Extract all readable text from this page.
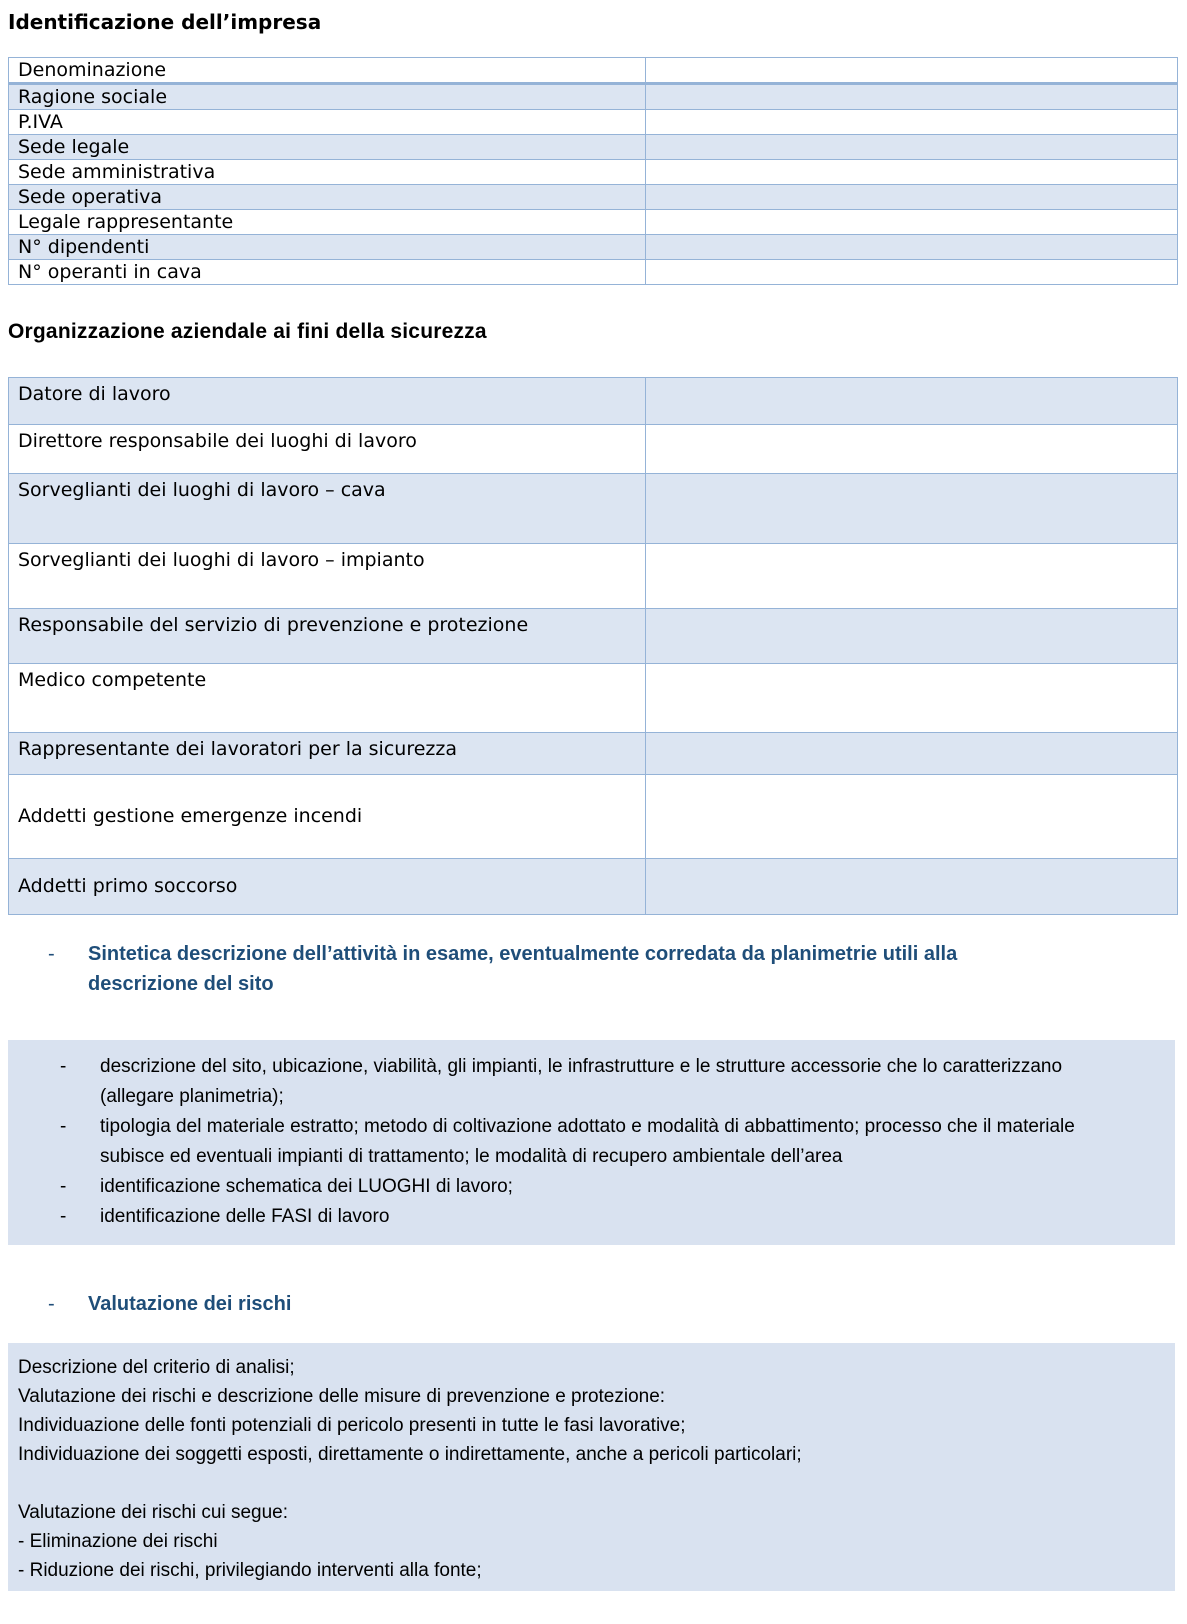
Identificazione dell’impresa
Denominazione	
Ragione sociale	
P.IVA	
Sede legale	
Sede amministrativa	
Sede operativa	
Legale rappresentante	
N° dipendenti	
N° operanti in cava	
Organizzazione aziendale ai fini della sicurezza
Datore di lavoro	
Direttore responsabile dei luoghi di lavoro	
Sorveglianti dei luoghi di lavoro – cava	
Sorveglianti dei luoghi di lavoro – impianto	
Responsabile del servizio di prevenzione e protezione	
Medico competente	
Rappresentante dei lavoratori per la sicurezza	
Addetti gestione emergenze incendi	
Addetti primo soccorso	
-	Sintetica descrizione dell’attività in esame, eventualmente corredata da planimetrie utili alla descrizione del sito
-	descrizione del sito, ubicazione, viabilità, gli impianti, le infrastrutture e le strutture accessorie che lo caratterizzano (allegare planimetria);
-	tipologia del materiale estratto; metodo di coltivazione adottato e modalità di abbattimento; processo che il materiale subisce ed eventuali impianti di trattamento; le modalità di recupero ambientale dell’area
-	identificazione schematica dei LUOGHI di lavoro;
-	identificazione delle FASI di lavoro
-	Valutazione dei rischi

Descrizione del criterio di analisi;

Valutazione dei rischi e descrizione delle misure di prevenzione e protezione:

Individuazione delle fonti potenziali di pericolo presenti in tutte le fasi lavorative;

Individuazione dei soggetti esposti, direttamente o indirettamente, anche a pericoli particolari;

Valutazione dei rischi cui segue:

- Eliminazione dei rischi

- Riduzione dei rischi, privilegiando interventi alla fonte;
